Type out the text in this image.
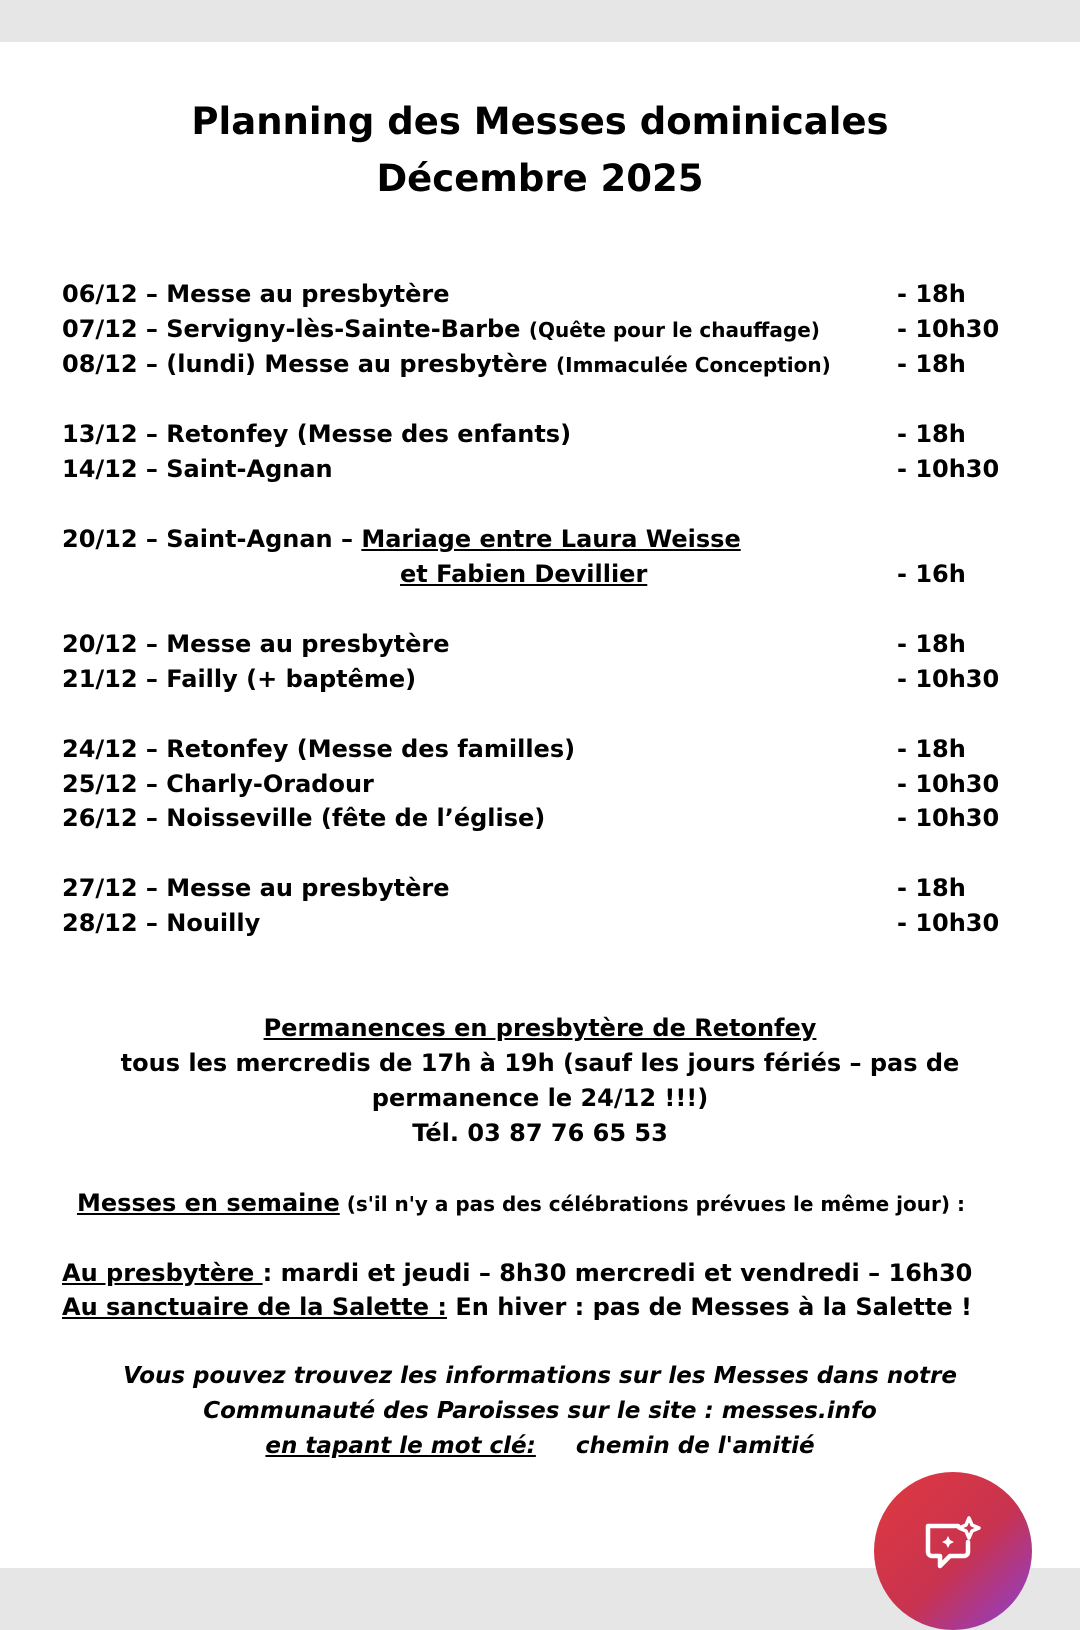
Planning des Messes dominicales
Décembre 2025
06/12 – Messe au presbytère	- 18h
07/12 – Servigny-lès-Sainte-Barbe (Quête pour le chauffage)	- 10h30
08/12 – (lundi) Messe au presbytère (Immaculée Conception)	- 18h
13/12 – Retonfey (Messe des enfants)	- 18h
14/12 – Saint-Agnan	- 10h30
20/12 – Saint-Agnan – Mariage entre Laura Weisse
et Fabien Devillier	- 16h
20/12 – Messe au presbytère	- 18h
21/12 – Failly (+ baptême)	- 10h30
24/12 – Retonfey (Messe des familles)	- 18h
25/12 – Charly-Oradour	- 10h30
26/12 – Noisseville (fête de l’église)	- 10h30
27/12 – Messe au presbytère	- 18h
28/12 – Nouilly	- 10h30
Permanences en presbytère de Retonfey
tous les mercredis de 17h à 19h (sauf les jours fériés – pas de
permanence le 24/12 !!!)
Tél. 03 87 76 65 53
Messes en semaine (s'il n'y a pas des célébrations prévues le même jour) :
Au presbytère : mardi et jeudi – 8h30 mercredi et vendredi – 16h30
Au sanctuaire de la Salette : En hiver : pas de Messes à la Salette !
Vous pouvez trouvez les informations sur les Messes dans notre
Communauté des Paroisses sur le site : messes.info
en tapant le mot clé:     chemin de l'amitié
